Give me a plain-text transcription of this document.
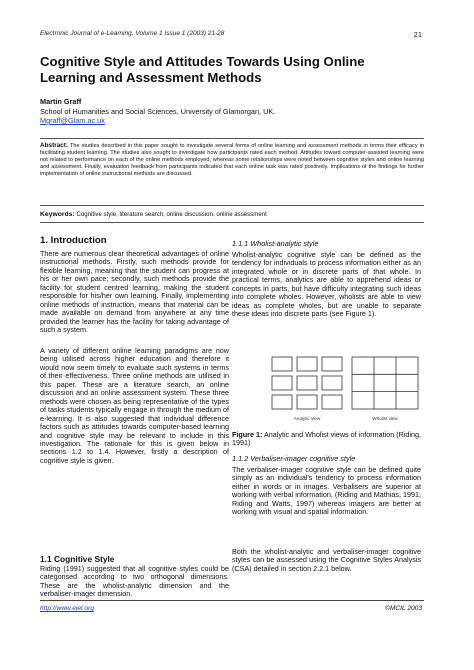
Electronic Journal of e-Learning, Volume 1 Issue 1 (2003) 21-28	21
Cognitive Style and Attitudes Towards Using Online Learning and Assessment Methods
Martin Graff
School of Humanities and Social Sciences, University of Glamorgan, UK.
Mgraff@Glam.ac.uk
Abstract: The studies described in this paper sought to investigate several forms of online learning and assessment methods in terms their efficacy in facilitating student learning. The studies also sought to investigate how participants rated each method. Attitudes toward computer-assisted learning were not related to performance on each of the online methods employed, whereas some relationships were noted between cognitive styles and online learning and assessment. Finally, evaluation feedback from participants indicated that each online task was rated positively. Implications of the findings for further implementation of online instructional methods are discussed.
Keywords: Cognitive style, literature search, online discussion, online assessment
1. Introduction

There are numerous clear theoretical advantages of online instructional methods. Firstly, such methods provide for flexible learning, meaning that the student can progress at his or her own pace; secondly, such methods provide the facility for student centred learning, making the student responsible for his/her own learning. Finally, implementing online methods of instruction, means that material can be made available on demand from anywhere at any time provided the learner has the facility for taking advantage of such a system.

A variety of different online learning paradigms are now being utilised across higher education and therefore it would now seem timely to evaluate such systems in terms of their effectiveness. Three online methods are utilised in this paper. These are a literature search, an online discussion and an online assessment system. These three methods were chosen as being representative of the types of tasks students typically engage in through the medium of e-learning. It is also suggested that individual difference factors such as attitudes towards computer-based learning and cognitive style may be relevant to include in this investigation. The rationale for this is given below in sections 1.2 to 1.4. However, firstly a description of cognitive style is given.

1.1 Cognitive Style

Riding (1991) suggested that all cognitive styles could be categorised according to two orthogonal dimensions. These are the wholist-analytic dimension and the verbaliser-imager dimension.

1.1.1 Wholist-analytic style

Wholist-analytic cognitive style can be defined as the tendency for individuals to process information either as an integrated whole or in discrete parts of that whole. In practical terms, analytics are able to apprehend ideas or concepts in parts, but have difficulty integrating such ideas into complete wholes. However, wholists are able to view ideas as complete wholes, but are unable to separate these ideas into discrete parts (see Figure 1).

Analytic view	Wholist view
Figure 1: Analytic and Wholist views of information (Riding, 1991)
1.1.2 Verbaliser-imager cognitive style

The verbaliser-imager cognitive style can be defined quite simply as an individual's tendency to process information either in words or in images. Verbalisers are superior at working with verbal information, (Riding and Mathias, 1991; Riding and Watts, 1997) whereas imagers are better at working with visual and spatial information.

Both the wholist-analytic and verbaliser-imager cognitive styles can be assessed using the Cognitive Styles Analysis (CSA) detailed in section 2.2.1 below.

http://www.ejel.org	©MCIL 2003
